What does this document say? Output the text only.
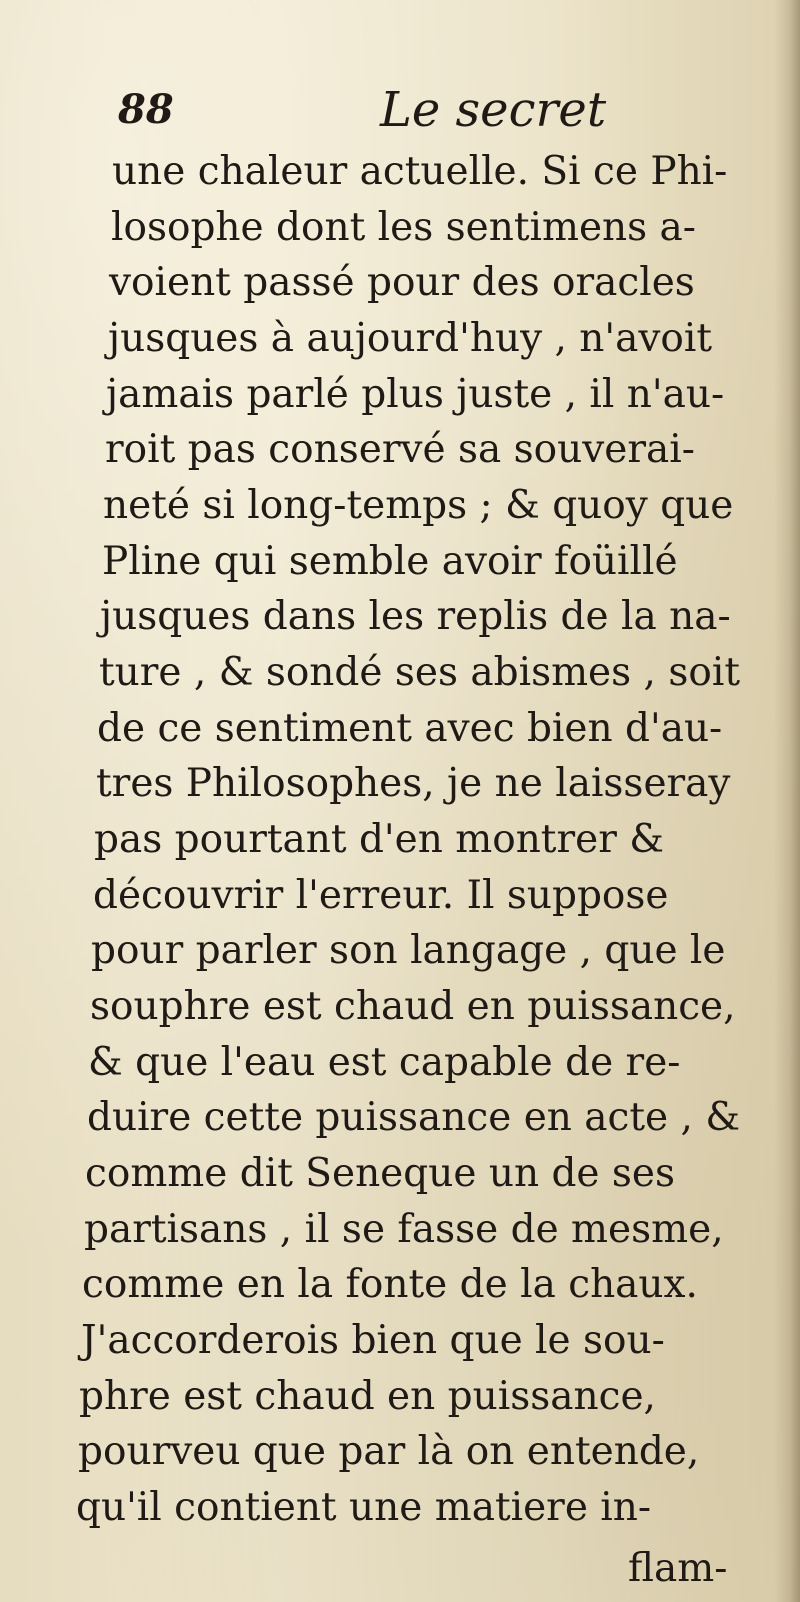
88	Le secret
une chaleur actuelle. Si ce Phi-
losophe dont les sentimens a-
voient passé pour des oracles
jusques à aujourd'huy , n'avoit
jamais parlé plus juste , il n'au-
roit pas conservé sa souverai-
neté si long-temps ; & quoy que
Pline qui semble avoir foüillé
jusques dans les replis de la na-
ture , & sondé ses abismes , soit
de ce sentiment avec bien d'au-
tres Philosophes, je ne laisseray
pas pourtant d'en montrer &
découvrir l'erreur. Il suppose
pour parler son langage , que le
souphre est chaud en puissance,
& que l'eau est capable de re-
duire cette puissance en acte , &
comme dit Seneque un de ses
partisans , il se fasse de mesme,
comme en la fonte de la chaux.
J'accorderois bien que le sou-
phre est chaud en puissance,
pourveu que par là on entende,
qu'il contient une matiere in-
flam-
